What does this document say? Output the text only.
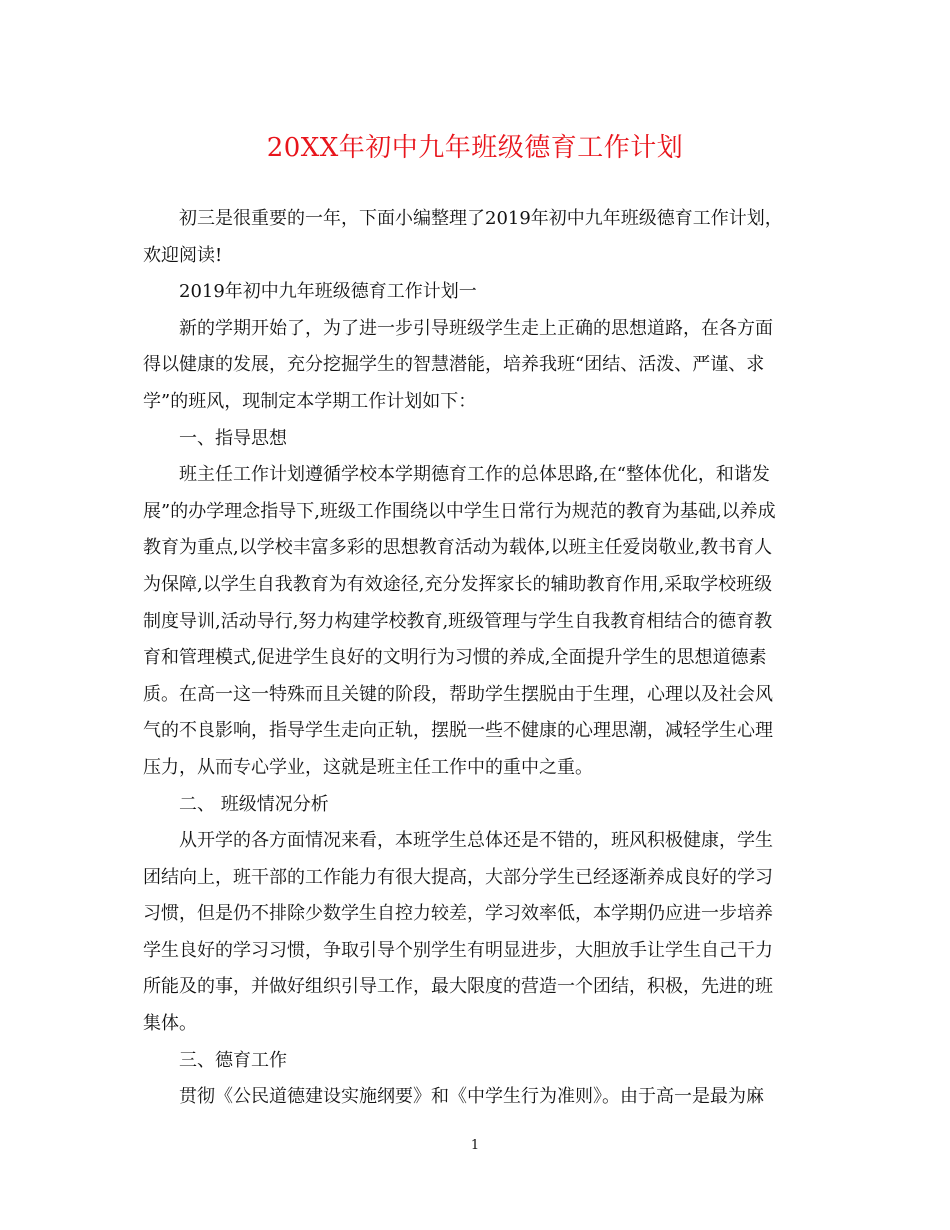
20XX年初中九年班级德育工作计划
初三是很重要的一年，下面小编整理了2019年初中九年班级德育工作计划，
欢迎阅读!
2019年初中九年班级德育工作计划一
新的学期开始了，为了进一步引导班级学生走上正确的思想道路，在各方面
得以健康的发展，充分挖掘学生的智慧潜能，培养我班“团结、活泼、严谨、求
学”的班风，现制定本学期工作计划如下：
一、指导思想
班主任工作计划遵循学校本学期德育工作的总体思路,在“整体优化，和谐发
展”的办学理念指导下,班级工作围绕以中学生日常行为规范的教育为基础,以养成
教育为重点,以学校丰富多彩的思想教育活动为载体,以班主任爱岗敬业,教书育人
为保障,以学生自我教育为有效途径,充分发挥家长的辅助教育作用,采取学校班级
制度导训,活动导行,努力构建学校教育,班级管理与学生自我教育相结合的德育教
育和管理模式,促进学生良好的文明行为习惯的养成,全面提升学生的思想道德素
质。在高一这一特殊而且关键的阶段，帮助学生摆脱由于生理，心理以及社会风
气的不良影响，指导学生走向正轨，摆脱一些不健康的心理思潮，减轻学生心理
压力，从而专心学业，这就是班主任工作中的重中之重。
二、 班级情况分析
从开学的各方面情况来看，本班学生总体还是不错的，班风积极健康，学生
团结向上，班干部的工作能力有很大提高，大部分学生已经逐渐养成良好的学习
习惯，但是仍不排除少数学生自控力较差，学习效率低，本学期仍应进一步培养
学生良好的学习习惯，争取引导个别学生有明显进步，大胆放手让学生自己干力
所能及的事，并做好组织引导工作，最大限度的营造一个团结，积极，先进的班
集体。
三、德育工作
贯彻《公民道德建设实施纲要》和《中学生行为准则》。由于高一是最为麻
1
